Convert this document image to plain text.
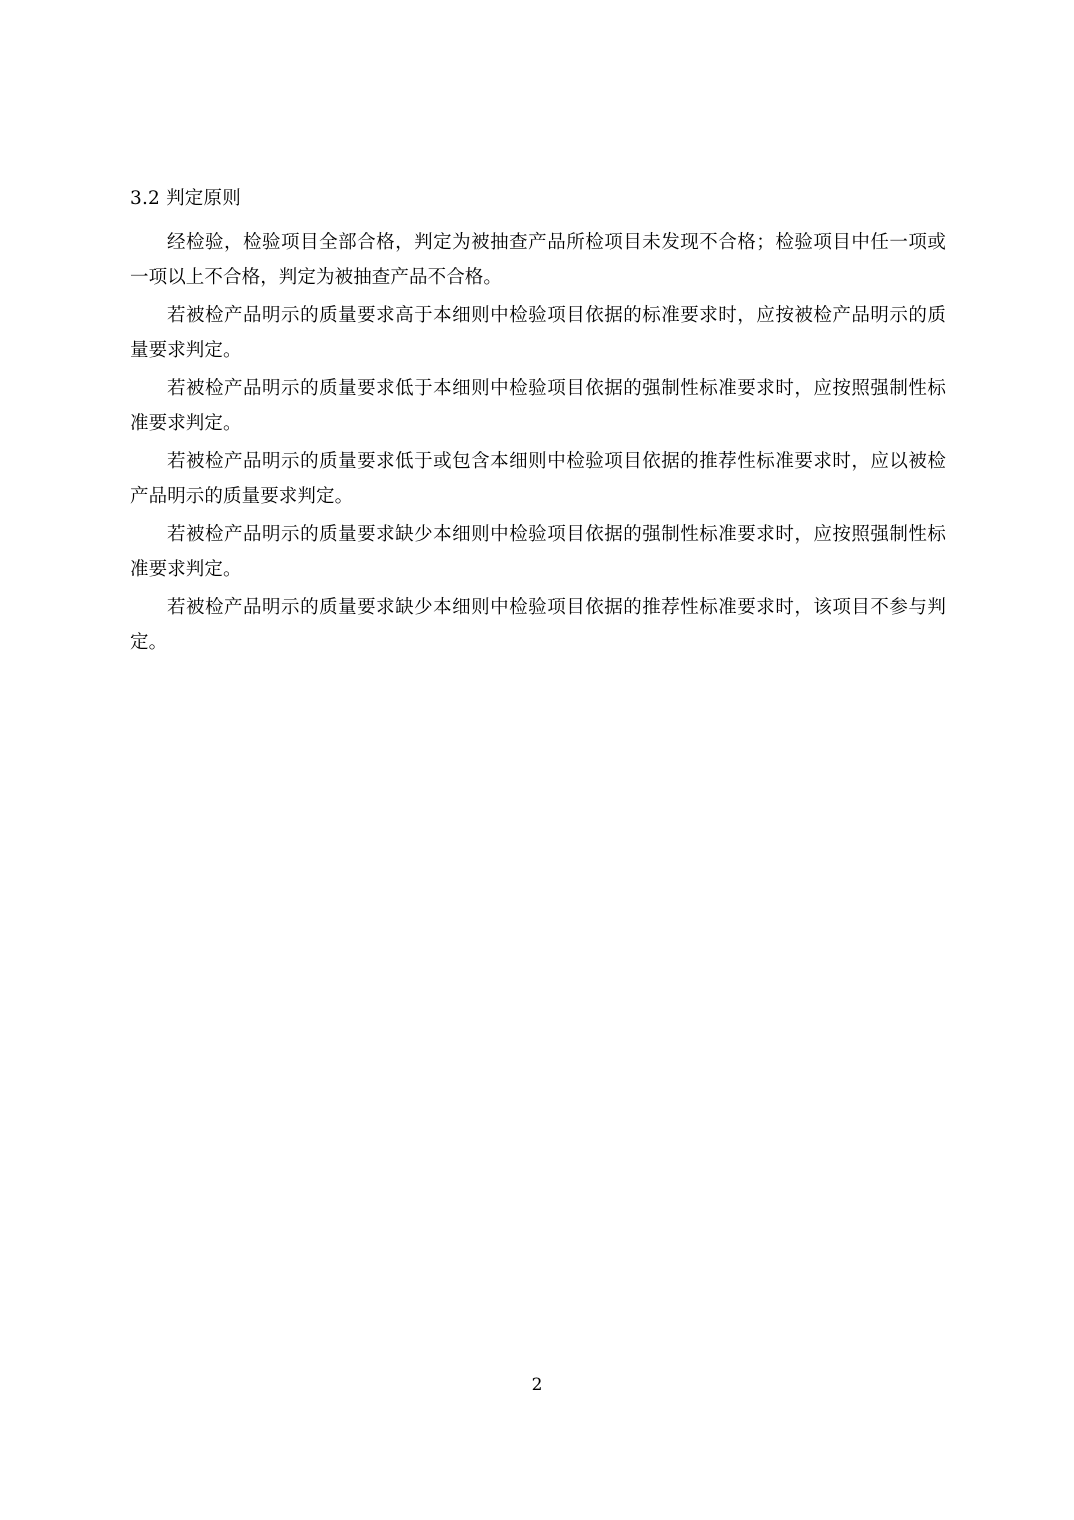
3.2 判定原则

经检验，检验项目全部合格，判定为被抽查产品所检项目未发现不合格；检验项目中任一项或一项以上不合格，判定为被抽查产品不合格。

若被检产品明示的质量要求高于本细则中检验项目依据的标准要求时，应按被检产品明示的质量要求判定。

若被检产品明示的质量要求低于本细则中检验项目依据的强制性标准要求时，应按照强制性标准要求判定。

若被检产品明示的质量要求低于或包含本细则中检验项目依据的推荐性标准要求时，应以被检产品明示的质量要求判定。

若被检产品明示的质量要求缺少本细则中检验项目依据的强制性标准要求时，应按照强制性标准要求判定。

若被检产品明示的质量要求缺少本细则中检验项目依据的推荐性标准要求时，该项目不参与判定。

2
